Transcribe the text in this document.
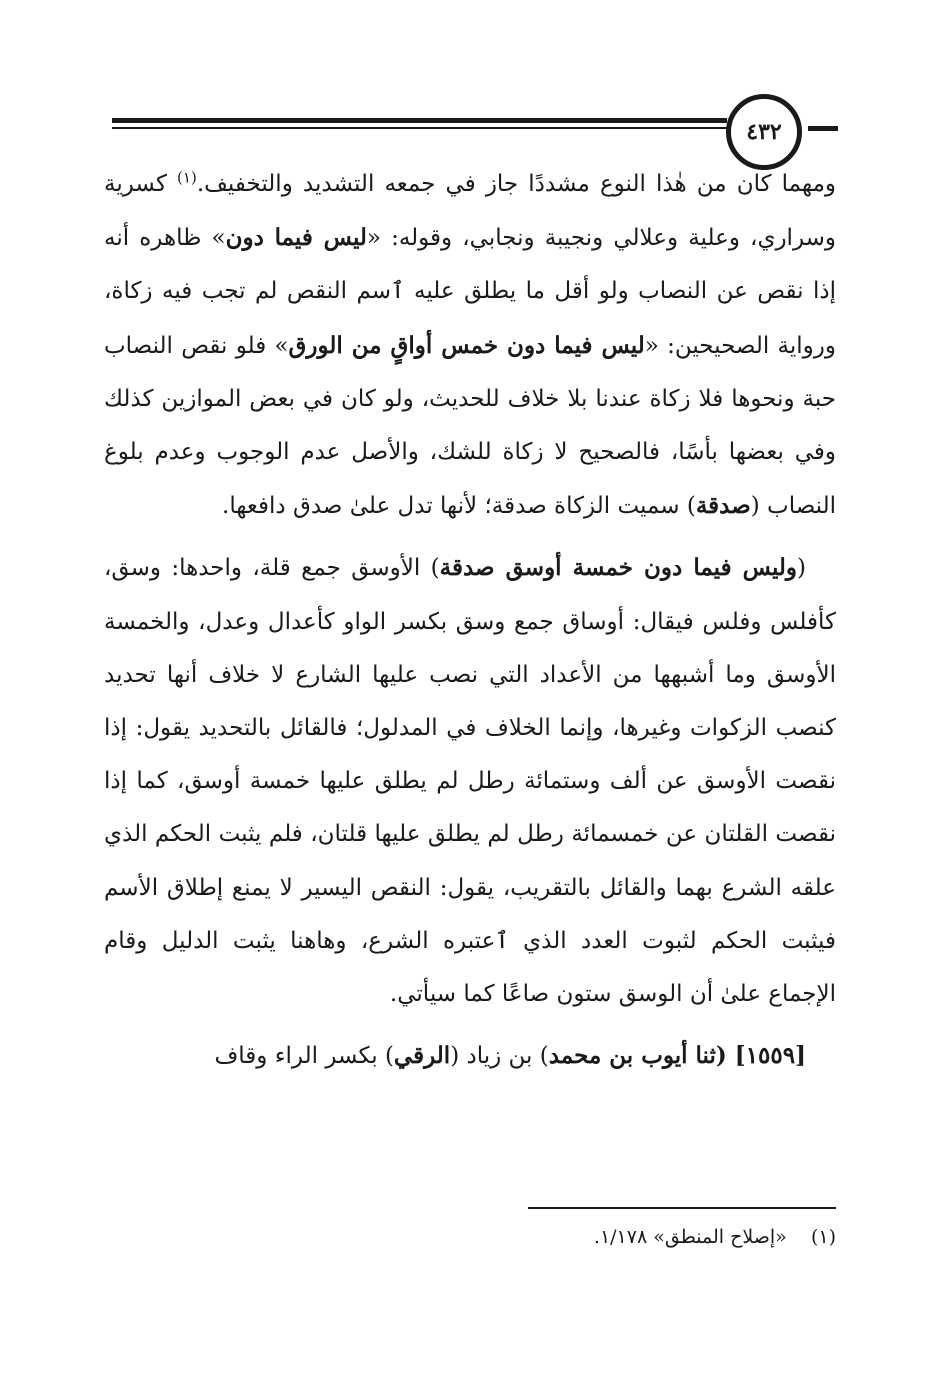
٤٣٢

ومهما كان من هٰذا النوع مشددًا جاز في جمعه التشديد والتخفيف.$^{(١)}$ كسرية وسراري، وعلية وعلالي ونجيبة ونجابي، وقوله: «ليس فيما دون» ظاهره أنه إذا نقص عن النصاب ولو أقل ما يطلق عليه ٱسم النقص لم تجب فيه زكاة، ورواية الصحيحين: «ليس فيما دون خمس أواقٍ من الورق» فلو نقص النصاب حبة ونحوها فلا زكاة عندنا بلا خلاف للحديث، ولو كان في بعض الموازين كذلك وفي بعضها بأسًا، فالصحيح لا زكاة للشك، والأصل عدم الوجوب وعدم بلوغ النصاب (صدقة) سميت الزكاة صدقة؛ لأنها تدل علىٰ صدق دافعها.

(وليس فيما دون خمسة أوسق صدقة) الأوسق جمع قلة، واحدها: وسق، كأفلس وفلس فيقال: أوساق جمع وسق بكسر الواو كأعدال وعدل، والخمسة الأوسق وما أشبهها من الأعداد التي نصب عليها الشارع لا خلاف أنها تحديد كنصب الزكوات وغيرها، وإنما الخلاف في المدلول؛ فالقائل بالتحديد يقول: إذا نقصت الأوسق عن ألف وستمائة رطل لم يطلق عليها خمسة أوسق، كما إذا نقصت القلتان عن خمسمائة رطل لم يطلق عليها قلتان، فلم يثبت الحكم الذي علقه الشرع بهما والقائل بالتقريب، يقول: النقص اليسير لا يمنع إطلاق الأسم فيثبت الحكم لثبوت العدد الذي ٱعتبره الشرع، وهاهنا يثبت الدليل وقام الإجماع علىٰ أن الوسق ستون صاعًا كما سيأتي.

[١٥٥٩] (ثنا أيوب بن محمد) بن زياد (الرقي) بكسر الراء وقاف

(١)    «إصلاح المنطق» ١/١٧٨.
